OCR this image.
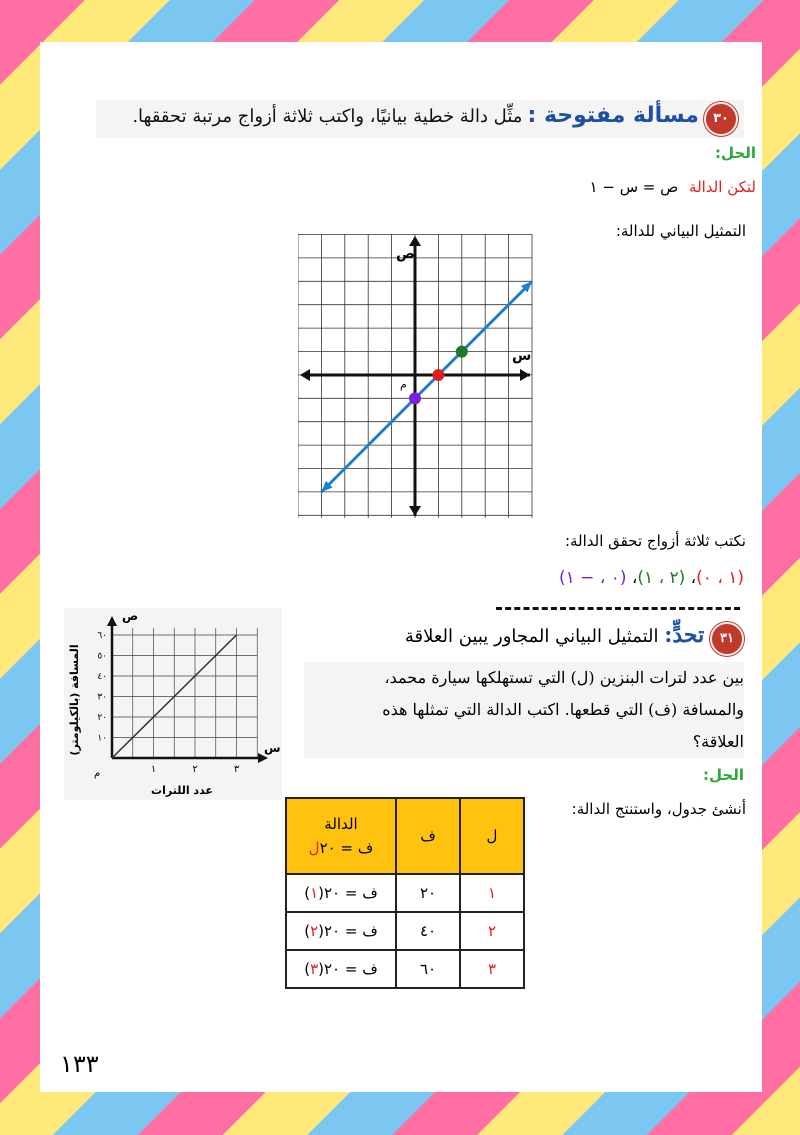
٣٠ مسألة مفتوحة : مثِّل دالة خطية بيانيًا، واكتب ثلاثة أزواج مرتبة تحققها.
الحل:
لتكن الدالة ص = س − ١
التمثيل البياني للدالة:
ص
س
م
نكتب ثلاثة أزواج تحقق الدالة:
(١ ، ٠)، (٢ ، ١)، (٠ ، − ١)
٣١ تحدٍّ: التمثيل البياني المجاور يبين العلاقة
بين عدد لترات البنزين (ل) التي تستهلكها سيارة محمد،
والمسافة (ف) التي قطعها. اكتب الدالة التي تمثلها هذه
العلاقة؟
١	٢	٣
١٠
٢٠
٣٠
٤٠
٥٠
٦٠
ص
س
م
عدد اللترات
المسافة (بالكيلومتر)
الحل:
أنشئ جدول، واستنتج الدالة:
ل	ف	الدالة
ف = ٢٠ل

١	٢٠	ف = ٢٠(١)
٢	٤٠	ف = ٢٠(٢)
٣	٦٠	ف = ٢٠(٣)
١٣٣
